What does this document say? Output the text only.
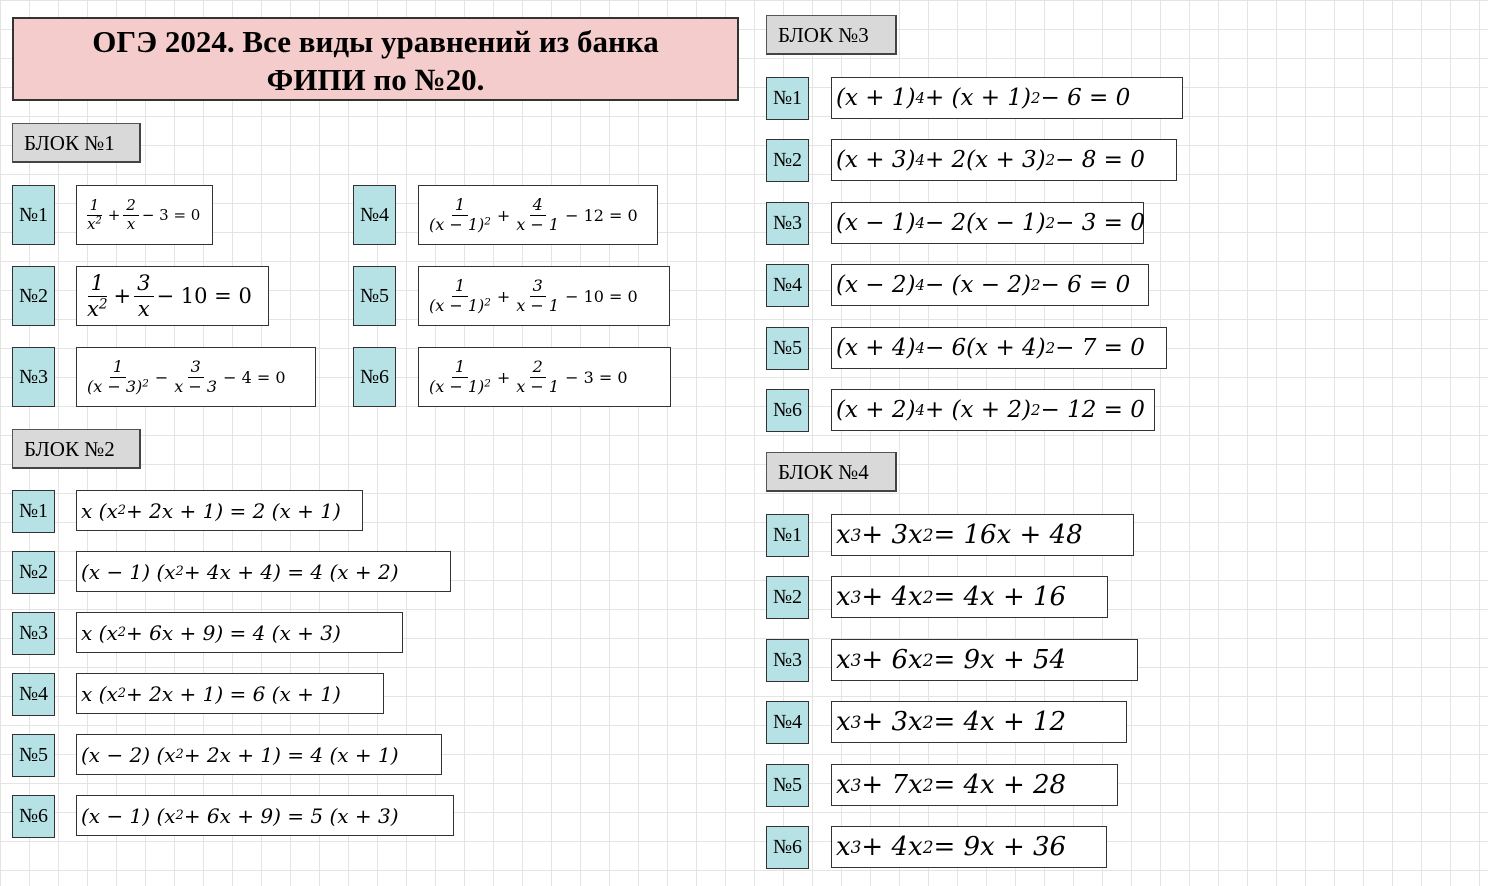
ОГЭ 2024. Все виды уравнений из банка
ФИПИ по №20.
БЛОК №1
БЛОК №2
БЛОК №3
БЛОК №4
№1
№2
№3
№4
№5
№6
$\frac{1}{x^2} + \frac{2}{x} - 3 = 0$
$\frac{1}{x^2} + \frac{3}{x} - 10 = 0$
$\frac{1}{(x - 3)^2} - \frac{3}{x - 3} - 4 = 0$
$\frac{1}{(x - 1)^2} + \frac{4}{x - 1} - 12 = 0$
$\frac{1}{(x - 1)^2} + \frac{3}{x - 1} - 10 = 0$
$\frac{1}{(x - 1)^2} + \frac{2}{x - 1} - 3 = 0$
№1
№2
№3
№4
№5
№6
x (x 2 + 2x + 1) = 2 (x + 1)
(x − 1) (x 2 + 4x + 4) = 4 (x + 2)
x (x 2 + 6x + 9) = 4 (x + 3)
x (x 2 + 2x + 1) = 6 (x + 1)
(x − 2) (x 2 + 2x + 1) = 4 (x + 1)
(x − 1) (x 2 + 6x + 9) = 5 (x + 3)
№1
№2
№3
№4
№5
№6
(x + 1) 4 + (x + 1) 2 − 6 = 0
(x + 3) 4 + 2(x + 3) 2 − 8 = 0
(x − 1) 4 − 2(x − 1) 2 − 3 = 0
(x − 2) 4 − (x − 2) 2 − 6 = 0
(x + 4) 4 − 6(x + 4) 2 − 7 = 0
(x + 2) 4 + (x + 2) 2 − 12 = 0
№1
№2
№3
№4
№5
№6
x 3 + 3x 2 = 16x + 48
x 3 + 4x 2 = 4x + 16
x 3 + 6x 2 = 9x + 54
x 3 + 3x 2 = 4x + 12
x 3 + 7x 2 = 4x + 28
x 3 + 4x 2 = 9x + 36
